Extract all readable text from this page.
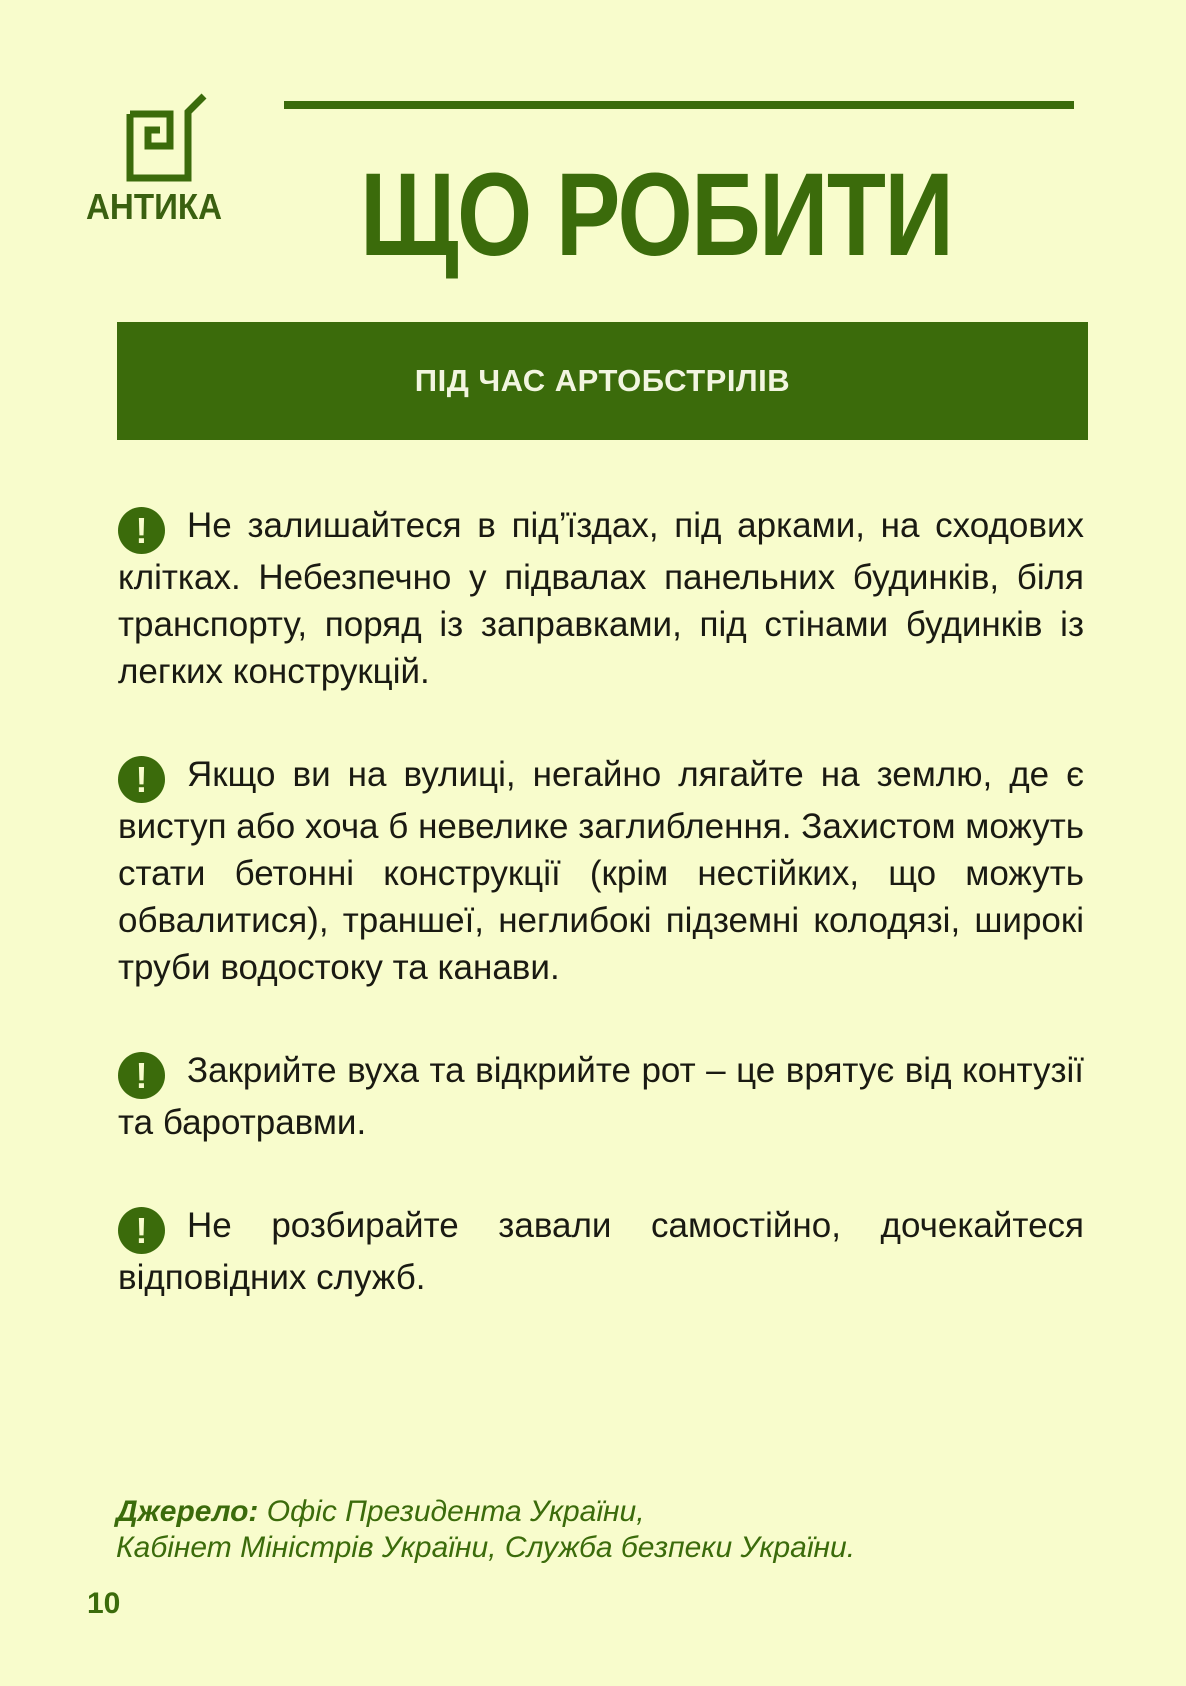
АНТИКА ЩО РОБИТИ
ПІД ЧАС АРТОБСТРІЛІВ

! Не залишайтеся в під’їздах, під арками, на сходових клітках. Небезпечно у підвалах панельних будинків, біля транспорту, поряд із заправками, під стінами будинків із легких конструкцій.

! Якщо ви на вулиці, негайно лягайте на землю, де є виступ або хоча б невелике заглиблення. Захистом можуть стати бетонні конструкції (крім нестійких, що можуть обвалитися), траншеї, неглибокі підземні колодязі, широкі труби водостоку та канави.

! Закрийте вуха та відкрийте рот – це врятує від контузії та баротравми.

! Не розбирайте завали самостійно, дочекайтеся відповідних служб.

Джерело: Офіс Президента України,
Кабінет Міністрів України, Служба безпеки України.
10
